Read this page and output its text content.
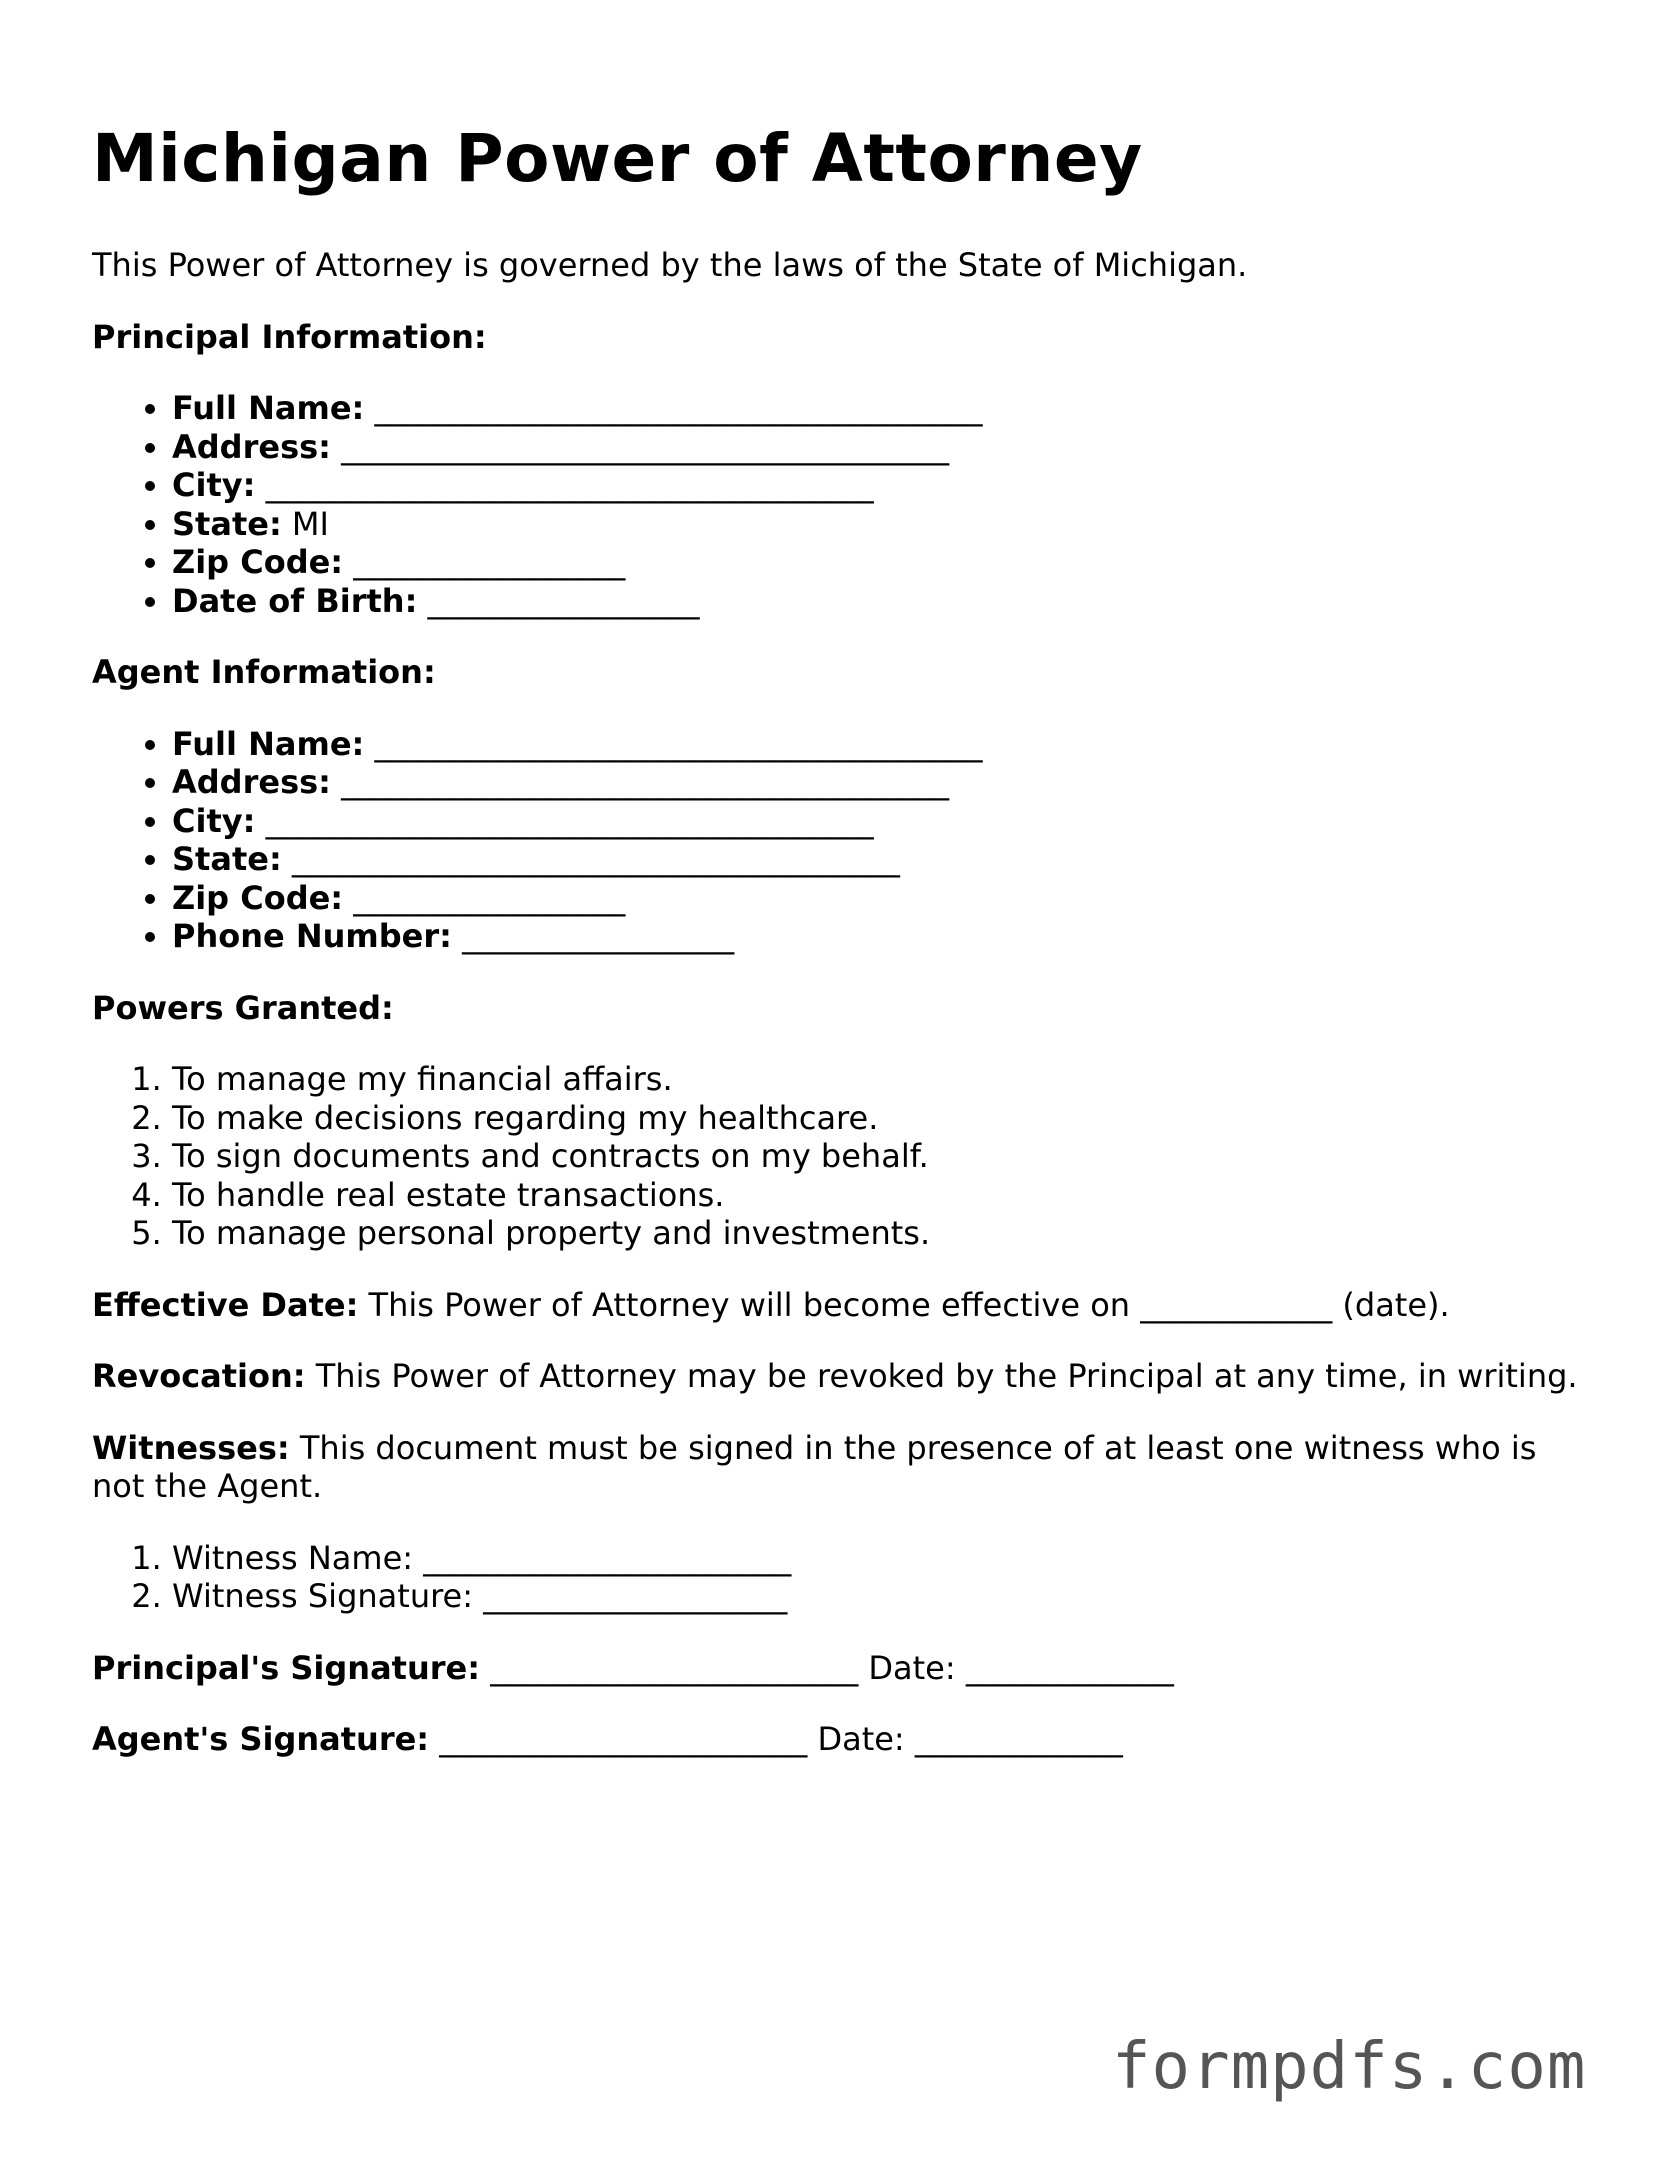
Michigan Power of Attorney

This Power of Attorney is governed by the laws of the State of Michigan.

Principal Information:

• Full Name: ______________________________________
• Address: ______________________________________
• City: ______________________________________
• State: MI
• Zip Code: _________________
• Date of Birth: _________________

Agent Information:

• Full Name: ______________________________________
• Address: ______________________________________
• City: ______________________________________
• State: ______________________________________
• Zip Code: _________________
• Phone Number: _________________

Powers Granted:

1. To manage my financial affairs.
2. To make decisions regarding my healthcare.
3. To sign documents and contracts on my behalf.
4. To handle real estate transactions.
5. To manage personal property and investments.

Effective Date: This Power of Attorney will become effective on ____________ (date).

Revocation: This Power of Attorney may be revoked by the Principal at any time, in writing.

Witnesses: This document must be signed in the presence of at least one witness who is not the Agent.

1. Witness Name: _______________________
2. Witness Signature: ___________________

Principal's Signature: _______________________ Date: _____________

Agent's Signature: _______________________ Date: _____________

formpdfs.com
